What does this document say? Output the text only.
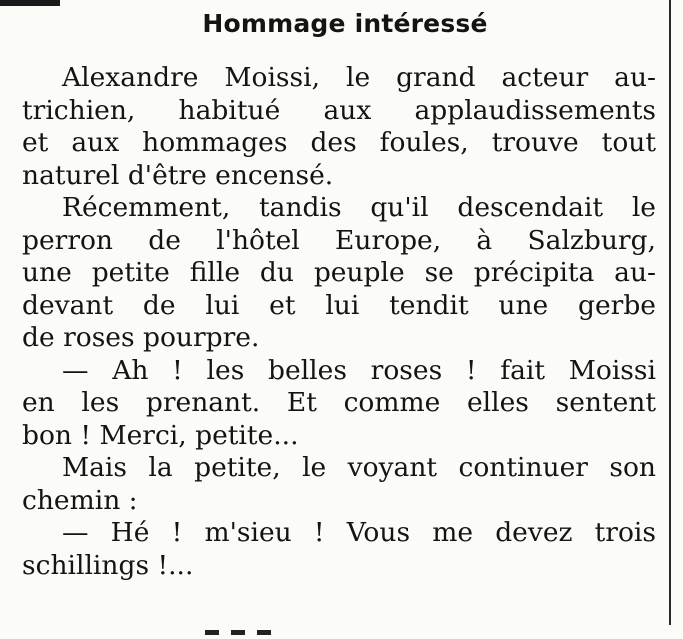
Hommage intéressé
Alexandre Moissi, le grand acteur au-
trichien, habitué aux applaudissements
et aux hommages des foules, trouve tout
naturel d'être encensé.
Récemment, tandis qu'il descendait le
perron de l'hôtel Europe, à Salzburg,
une petite fille du peuple se précipita au-
devant de lui et lui tendit une gerbe
de roses pourpre.
— Ah ! les belles roses ! fait Moissi
en les prenant. Et comme elles sentent
bon ! Merci, petite...
Mais la petite, le voyant continuer son
chemin :
— Hé ! m'sieu ! Vous me devez trois
schillings !...
